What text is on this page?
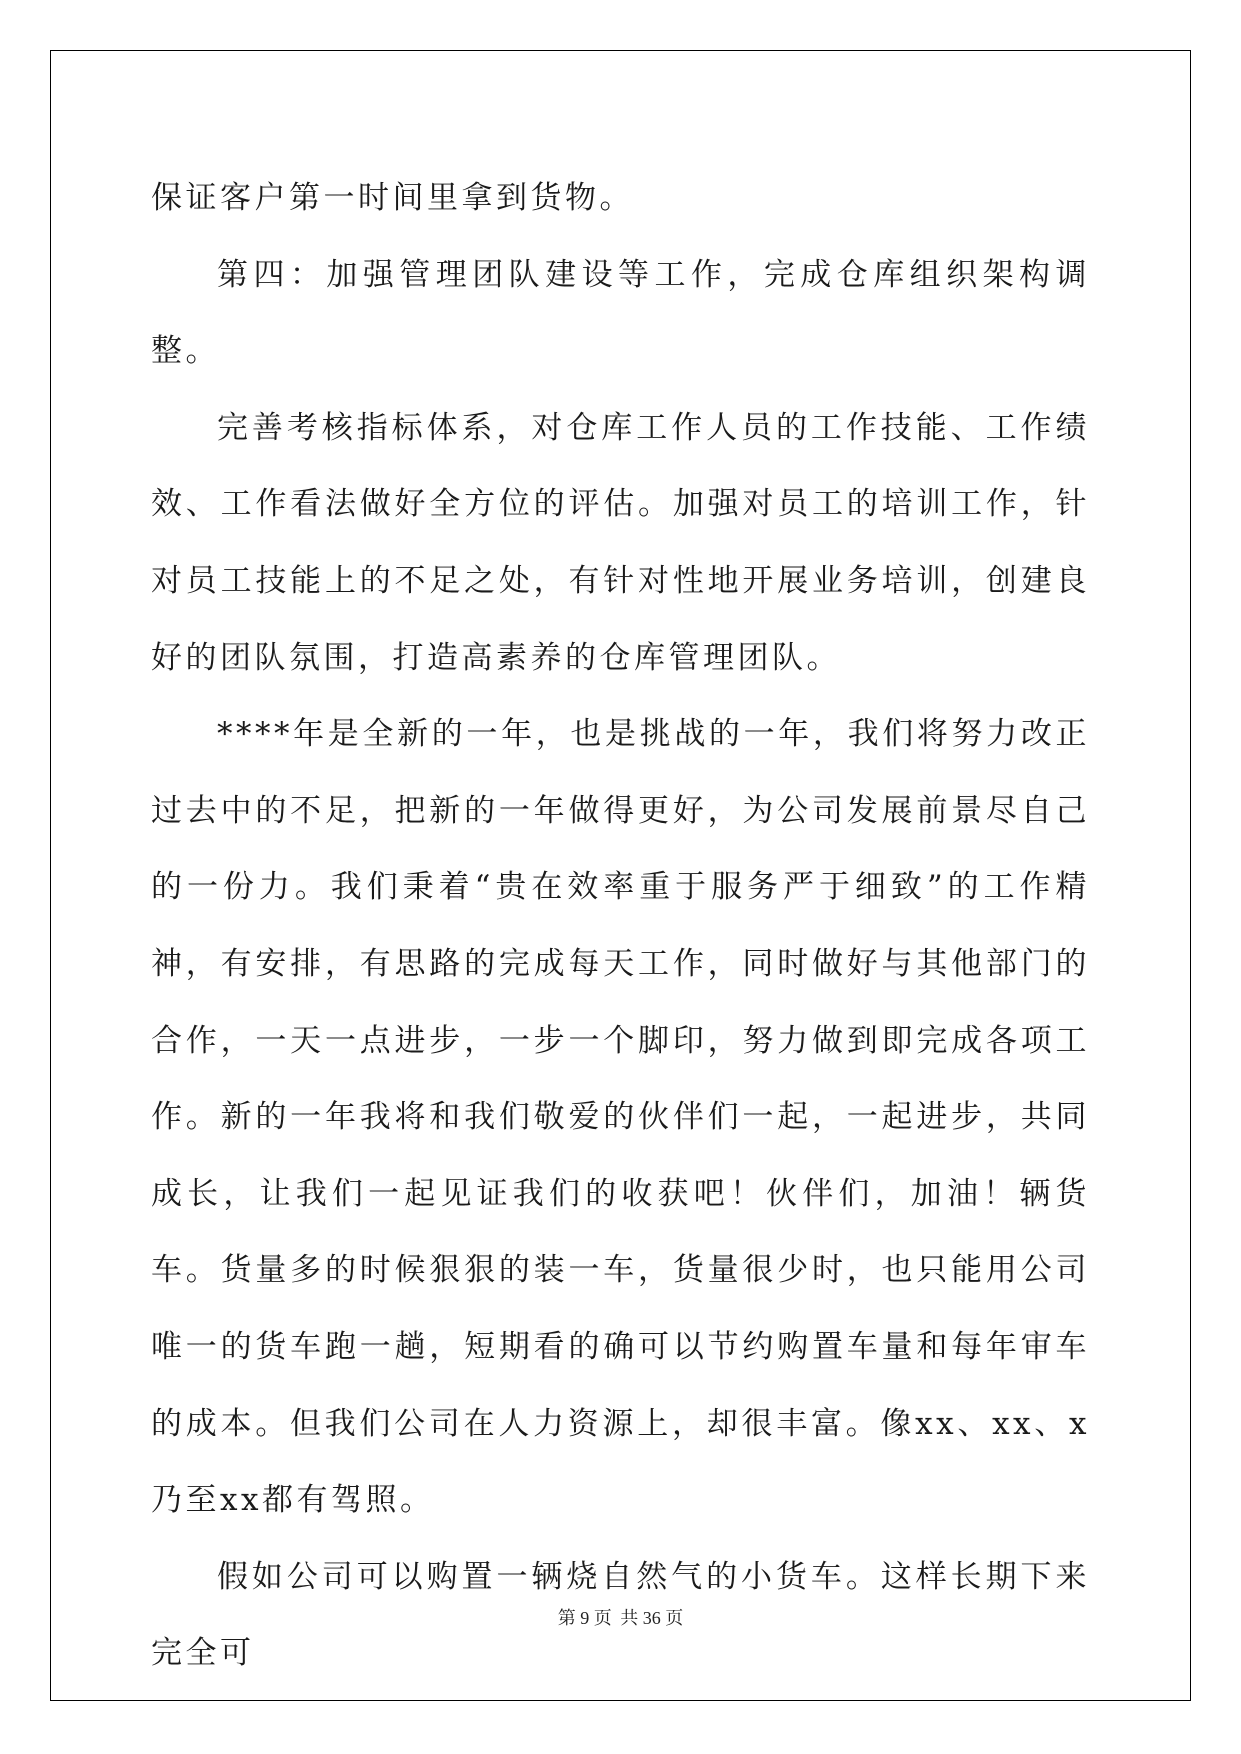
保证客户第一时间里拿到货物。

第四：加强管理团队建设等工作，完成仓库组织架构调整。

完善考核指标体系，对仓库工作人员的工作技能、工作绩效、工作看法做好全方位的评估。加强对员工的培训工作，针对员工技能上的不足之处，有针对性地开展业务培训，创建良好的团队氛围，打造高素养的仓库管理团队。

****年是全新的一年，也是挑战的一年，我们将努力改正过去中的不足，把新的一年做得更好，为公司发展前景尽自己的一份力。我们秉着“贵在效率重于服务严于细致”的工作精神，有安排，有思路的完成每天工作，同时做好与其他部门的合作，一天一点进步，一步一个脚印，努力做到即完成各项工作。新的一年我将和我们敬爱的伙伴们一起，一起进步，共同成长，让我们一起见证我们的收获吧！伙伴们，加油！辆货车。货量多的时候狠狠的装一车，货量很少时，也只能用公司唯一的货车跑一趟，短期看的确可以节约购置车量和每年审车的成本。但我们公司在人力资源上，却很丰富。像xx、xx、x乃至xx都有驾照。

假如公司可以购置一辆烧自然气的小货车。这样长期下来完全可

第 9 页 共 36 页
